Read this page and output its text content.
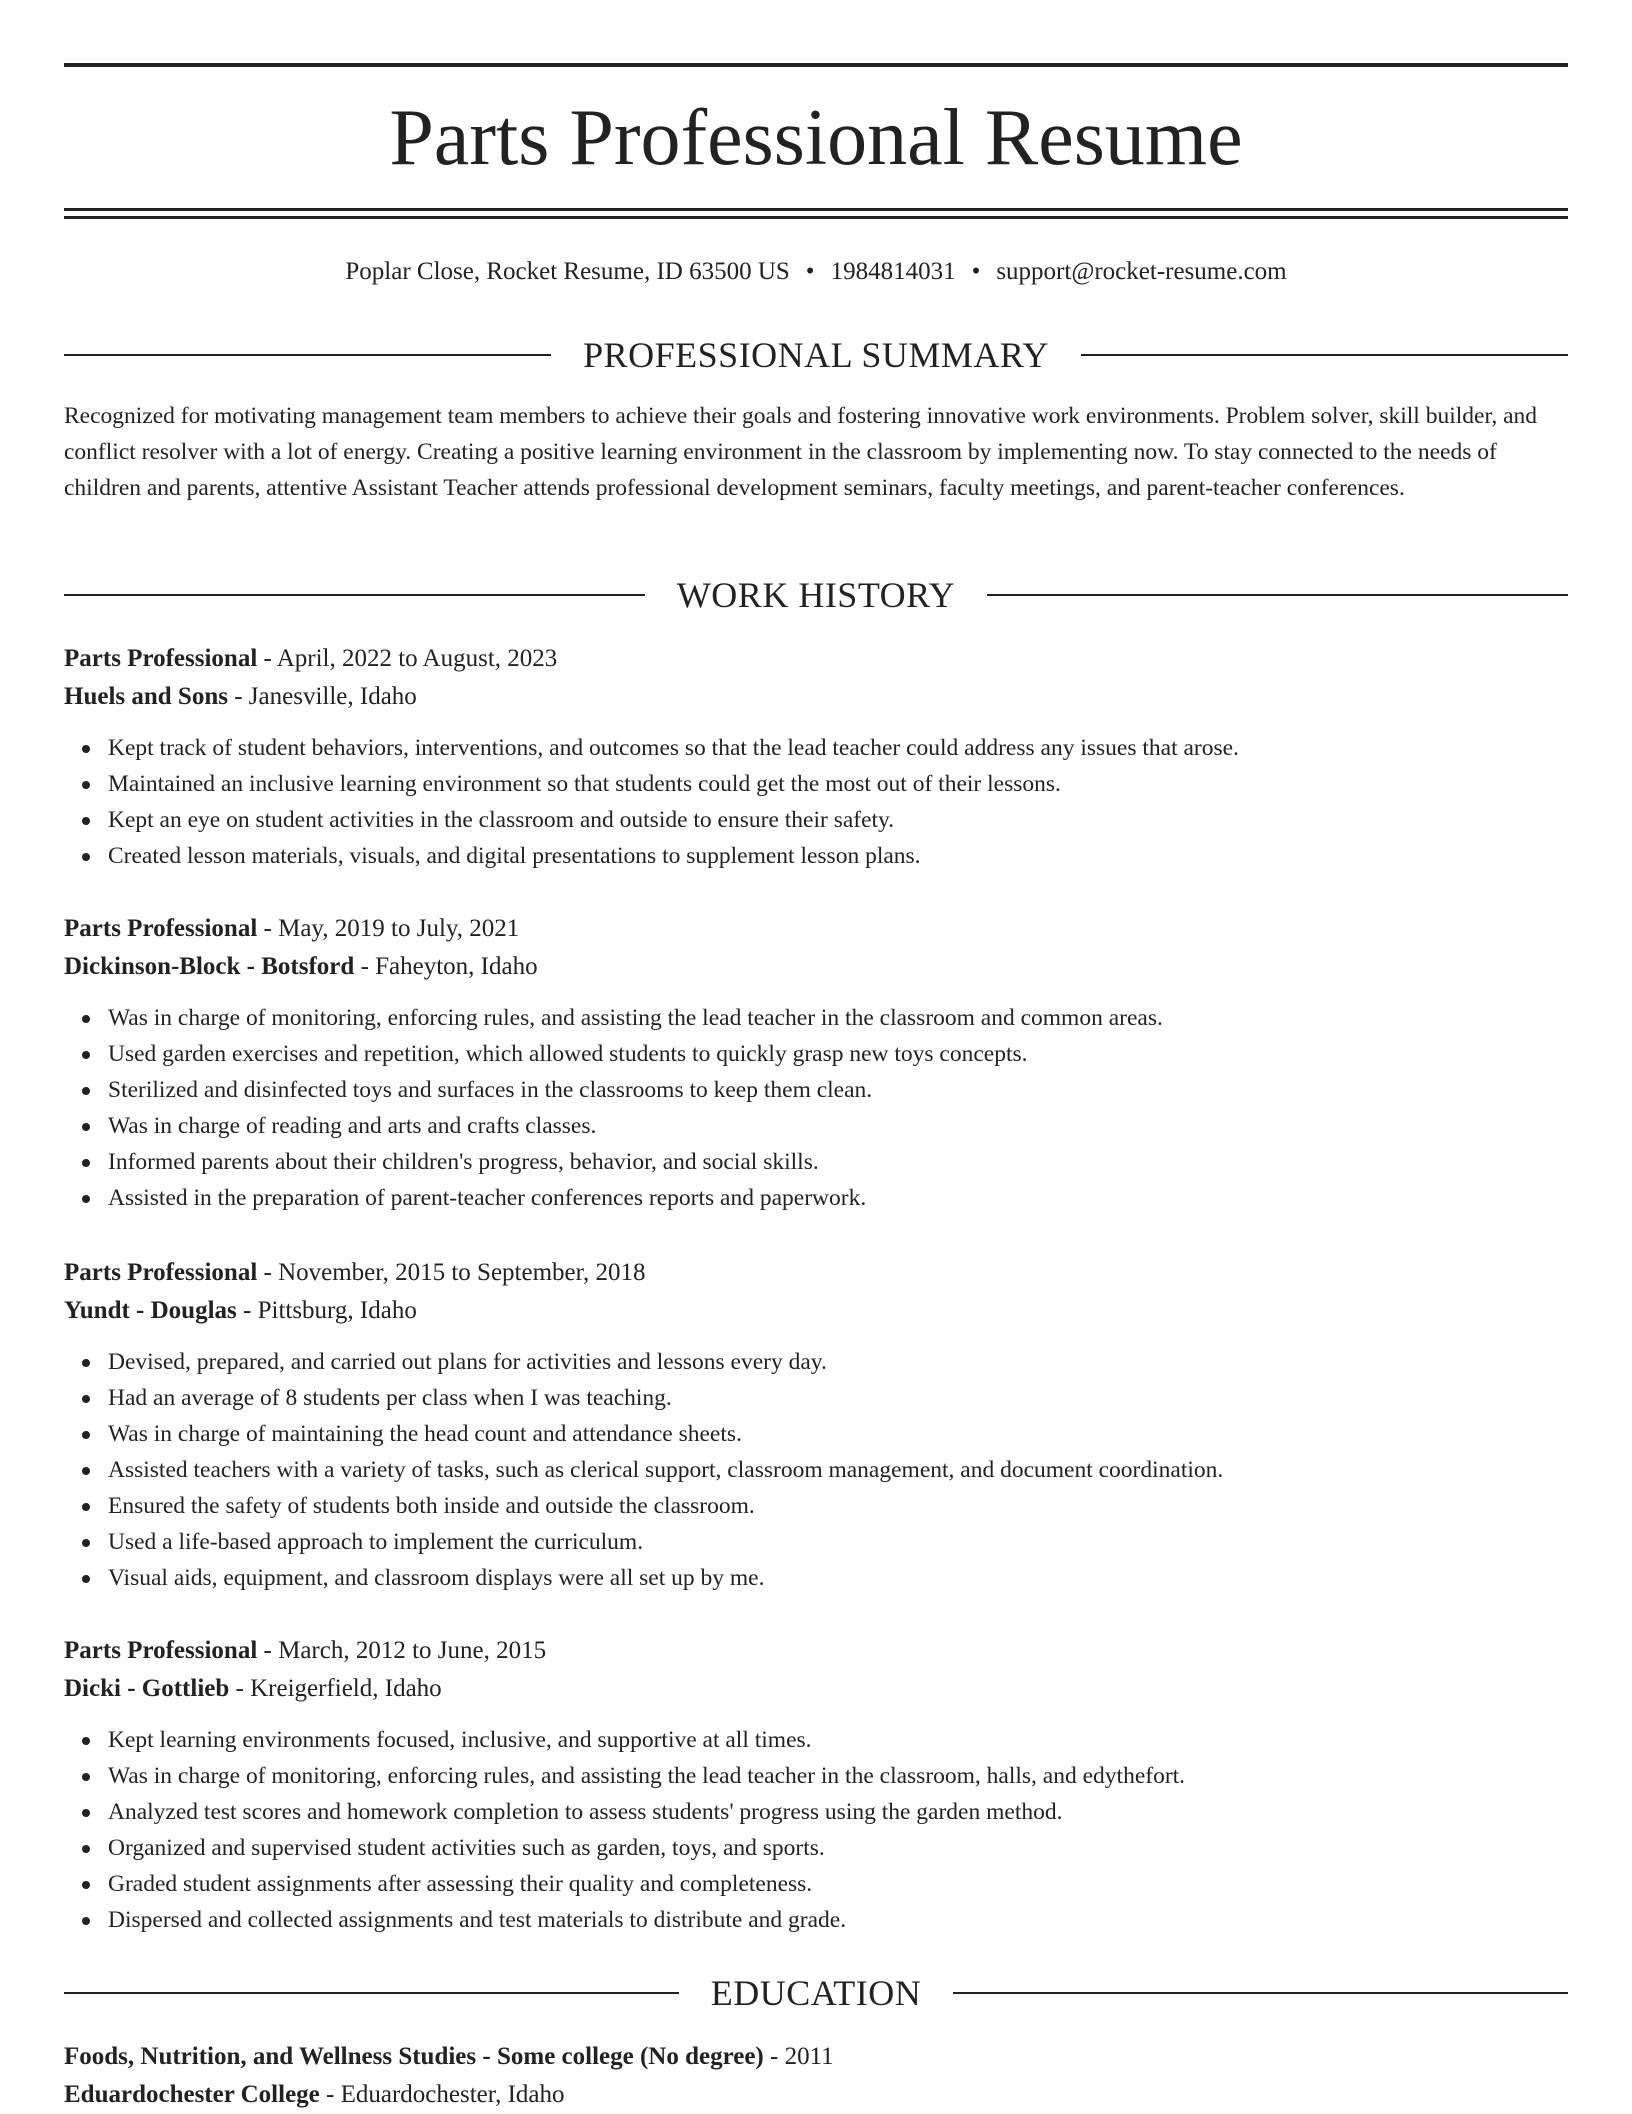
Parts Professional Resume
Poplar Close, Rocket Resume, ID 63500 US • 1984814031 • support@rocket-resume.com
PROFESSIONAL SUMMARY

Recognized for motivating management team members to achieve their goals and fostering innovative work environments. Problem solver, skill builder, and conflict resolver with a lot of energy. Creating a positive learning environment in the classroom by implementing now. To stay connected to the needs of children and parents, attentive Assistant Teacher attends professional development seminars, faculty meetings, and parent-teacher conferences.

WORK HISTORY
Parts Professional - April, 2022 to August, 2023
Huels and Sons - Janesville, Idaho
Kept track of student behaviors, interventions, and outcomes so that the lead teacher could address any issues that arose.
Maintained an inclusive learning environment so that students could get the most out of their lessons.
Kept an eye on student activities in the classroom and outside to ensure their safety.
Created lesson materials, visuals, and digital presentations to supplement lesson plans.
Parts Professional - May, 2019 to July, 2021
Dickinson-Block - Botsford - Faheyton, Idaho
Was in charge of monitoring, enforcing rules, and assisting the lead teacher in the classroom and common areas.
Used garden exercises and repetition, which allowed students to quickly grasp new toys concepts.
Sterilized and disinfected toys and surfaces in the classrooms to keep them clean.
Was in charge of reading and arts and crafts classes.
Informed parents about their children's progress, behavior, and social skills.
Assisted in the preparation of parent-teacher conferences reports and paperwork.
Parts Professional - November, 2015 to September, 2018
Yundt - Douglas - Pittsburg, Idaho
Devised, prepared, and carried out plans for activities and lessons every day.
Had an average of 8 students per class when I was teaching.
Was in charge of maintaining the head count and attendance sheets.
Assisted teachers with a variety of tasks, such as clerical support, classroom management, and document coordination.
Ensured the safety of students both inside and outside the classroom.
Used a life-based approach to implement the curriculum.
Visual aids, equipment, and classroom displays were all set up by me.
Parts Professional - March, 2012 to June, 2015
Dicki - Gottlieb - Kreigerfield, Idaho
Kept learning environments focused, inclusive, and supportive at all times.
Was in charge of monitoring, enforcing rules, and assisting the lead teacher in the classroom, halls, and edythefort.
Analyzed test scores and homework completion to assess students' progress using the garden method.
Organized and supervised student activities such as garden, toys, and sports.
Graded student assignments after assessing their quality and completeness.
Dispersed and collected assignments and test materials to distribute and grade.
EDUCATION
Foods, Nutrition, and Wellness Studies - Some college (No degree) - 2011
Eduardochester College - Eduardochester, Idaho
